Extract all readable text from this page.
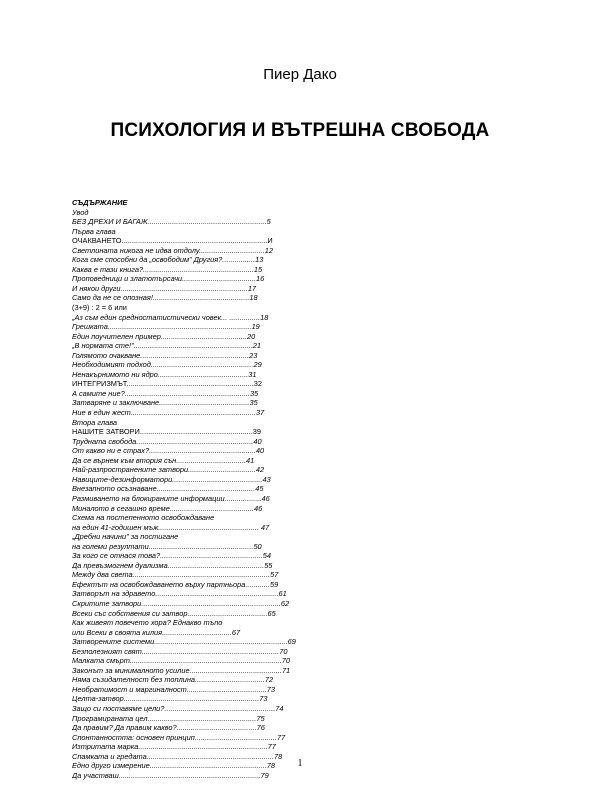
Пиер Дако
ПСИХОЛОГИЯ И ВЪТРЕШНА СВОБОДА
СЪДЪРЖАНИЕ
Увод
БЕЗ ДРЕХИ И БАГАЖ..........................................................5
Първа глава
ОЧАКВАНЕТО.......................................................................И
Светлината никога не идва отдолу................................12
Кога сме способни да „освободим" Другия?................13
Каква е тази книга?......................................................15
Проповедници и златотърсачи....................................16
И някои други..............................................................17
Само да не се опозная!...............................................18
(3+9) : 2 = 6 или
„Аз съм един средностатистически човек... ...............18
Грешката......................................................................19
Един поучителен пример..........................................20
„В нормата сте!"..........................................................21
Голямото очакване.....................................................23
Необходимият подход..................................................29
Ненакърнимото ни ядро............................................31
ИНТЕГРИЗМЪТ..............................................................32
А самите ние?.............................................................35
Затваряне и заключване............................................35
Ние в един жест.............................................................37
Втора глава
НАШИТЕ ЗАТВОРИ.......................................................39
Трудната свобода.........................................................40
От какво ни е страх?....................................................40
Да се върнем към втория сън..................................41
Най-разпространените затвори.................................42
Навиците-дезинформатори............................................43
Внезапното осъзнаване................................................45
Размиването на блокираните информации..................46
Миналото в сегашно време.........................................46
Схема на постепенното освобождаване
на един 41-годишен мъж................................................. 47
„Дребни начини" за постигане
на големи резултати...................................................50
За кого се отнася това?..................................................54
Да превъзмогнем дуализма...............................................55
Между два света...................................................................57
Ефектът на освобождаването върху партньора............59
Затворът на здравето............................................................61
Скритите затвори....................................................................62
Всеки със собствения си затвор.......................................65
Как живеят повечето хора? Еднакво тъпо
или Всеки в своята килия..................................67
Затворените системи.................................................................69
Безполезният свят...................................................................70
Малката смърт..........................................................................70
Законът за минималното усилие.............................................71
Няма съзидателност без топлина..................................72
Необратимост и маргиналност.......................................73
Целта-затвор..................................................................73
Защо си поставяме цели?......................................................74
Програмираната цел.....................................................75
Да правим? Да правим какво?.......................................76
Спонтанността: основен принцип........................................77
Изтритата марка...............................................................77
Спамката и гредата..............................................................78
Едно друго измерение.........................................................78
Да участваш.....................................................................79
1
